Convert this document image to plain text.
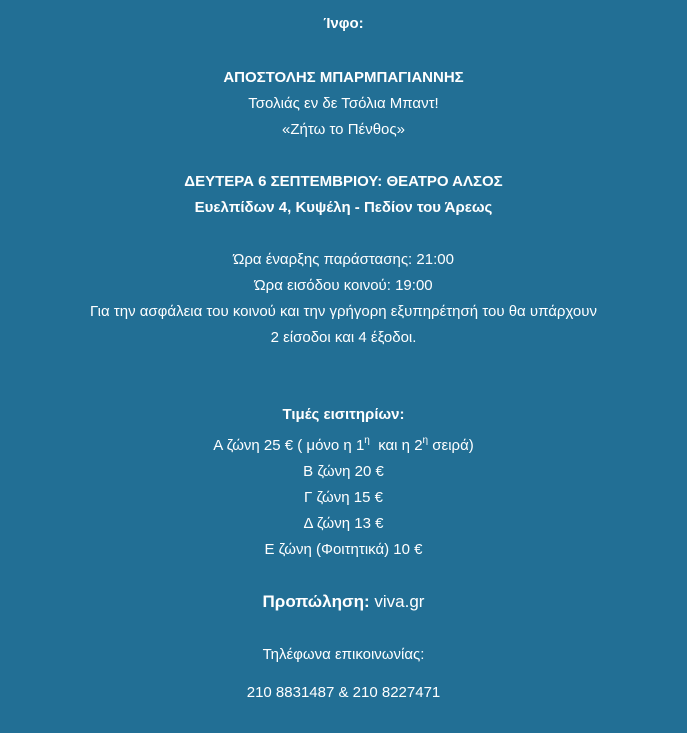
Ίνφο:
ΑΠΟΣΤΟΛΗΣ ΜΠΑΡΜΠΑΓΙΑΝΝΗΣ
Τσολιάς εν δε Τσόλια Μπαντ!
«Ζήτω το Πένθος»
ΔΕΥΤΕΡΑ 6 ΣΕΠΤΕΜΒΡΙΟΥ: ΘΕΑΤΡΟ ΑΛΣΟΣ
Ευελπίδων 4, Κυψέλη - Πεδίον του Άρεως
Ώρα έναρξης παράστασης: 21:00
Ώρα εισόδου κοινού: 19:00
Για την ασφάλεια του κοινού και την γρήγορη εξυπηρέτησή του θα υπάρχουν
2 είσοδοι και 4 έξοδοι.
Τιμές εισιτηρίων:
Α ζώνη 25 € ( μόνο η $1^\eta$  και η $2^\eta$ σειρά)
Β ζώνη 20 €
Γ ζώνη 15 €
Δ ζώνη 13 €
Ε ζώνη (Φοιτητικά) 10 €
Προπώληση: viva.gr
Τηλέφωνα επικοινωνίας:
210 8831487 & 210 8227471
